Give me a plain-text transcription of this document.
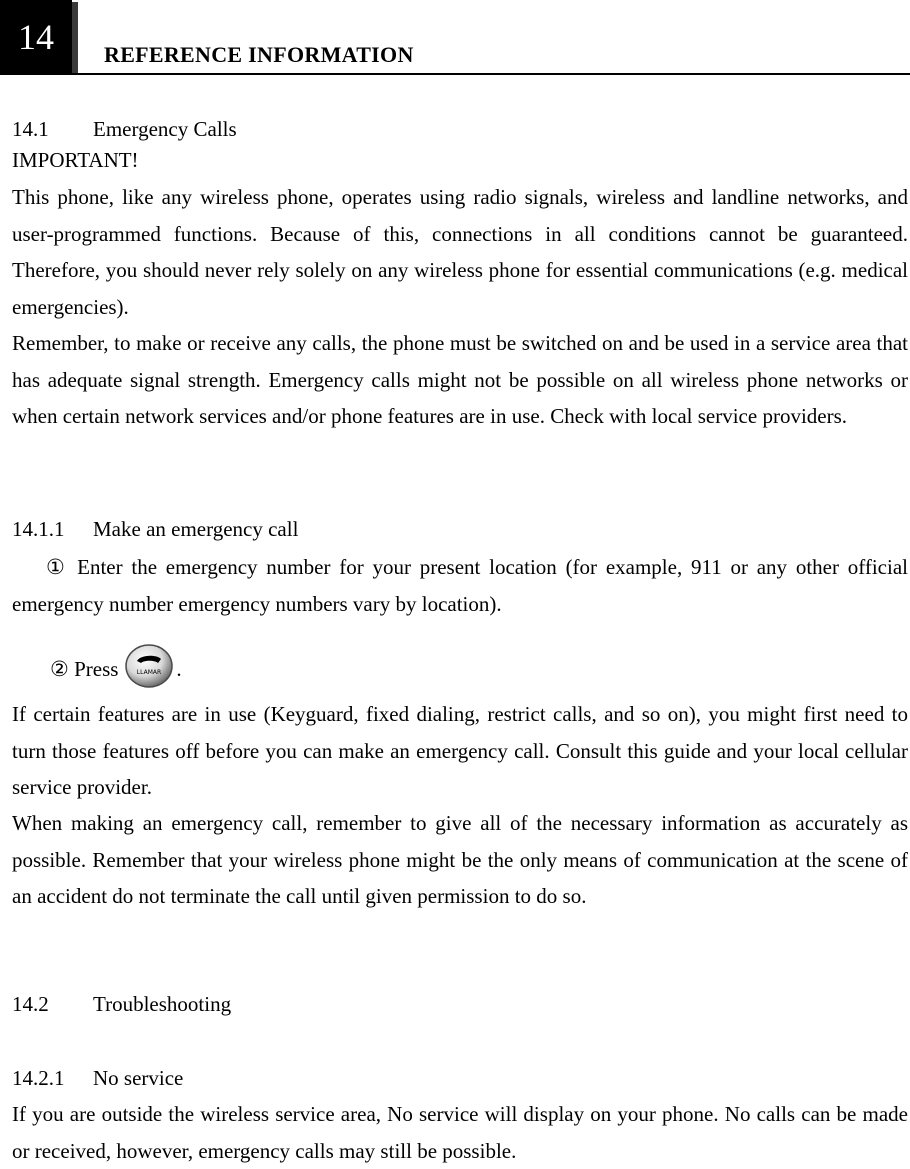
14	REFERENCE INFORMATION
14.1 Emergency Calls
IMPORTANT!
This phone, like any wireless phone, operates using radio signals, wireless and landline networks, and user-programmed functions. Because of this, connections in all conditions cannot be guaranteed. Therefore, you should never rely solely on any wireless phone for essential communications (e.g. medical emergencies).
Remember, to make or receive any calls, the phone must be switched on and be used in a service area that has adequate signal strength. Emergency calls might not be possible on all wireless phone networks or when certain network services and/or phone features are in use. Check with local service providers.
14.1.1 Make an emergency call
① Enter the emergency number for your present location (for example, 911 or any other official emergency number emergency numbers vary by location).
② Press	LLAMAR .
If certain features are in use (Keyguard, fixed dialing, restrict calls, and so on), you might first need to turn those features off before you can make an emergency call. Consult this guide and your local cellular service provider.
When making an emergency call, remember to give all of the necessary information as accurately as possible. Remember that your wireless phone might be the only means of communication at the scene of an accident do not terminate the call until given permission to do so.
14.2 Troubleshooting
14.2.1 No service
If you are outside the wireless service area, No service will display on your phone. No calls can be made or received, however, emergency calls may still be possible.
